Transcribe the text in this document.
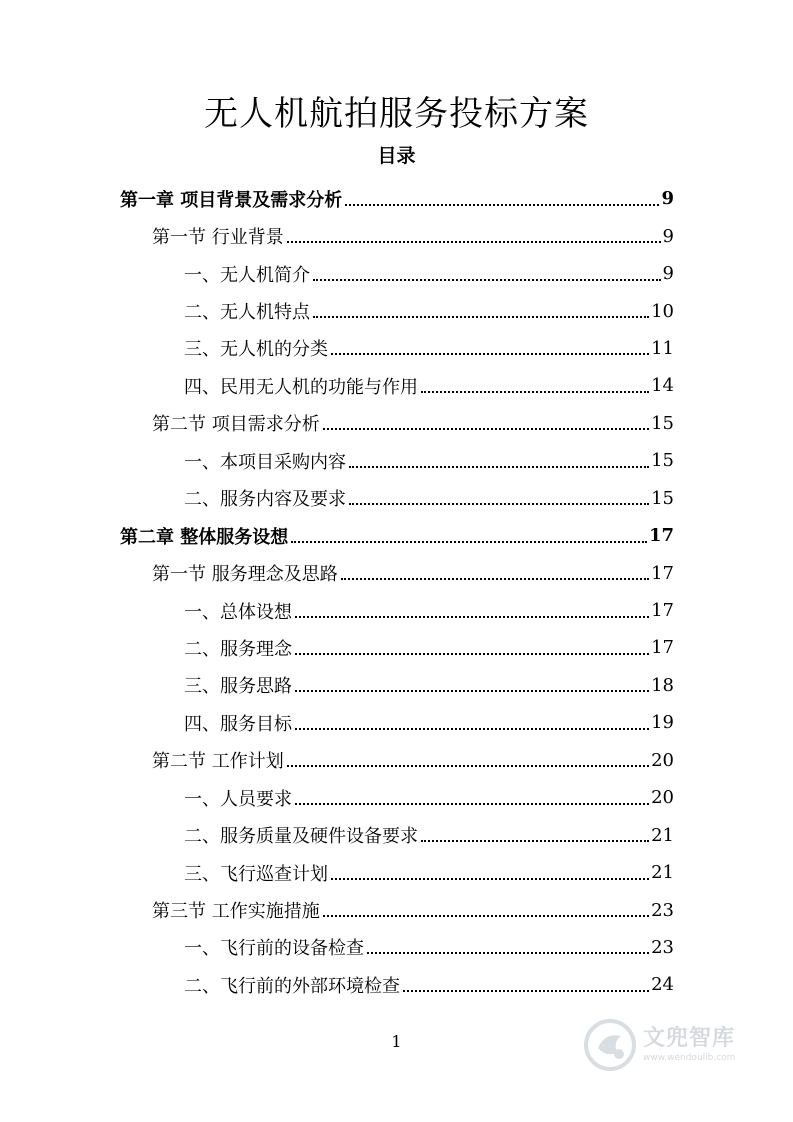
无人机航拍服务投标方案
目录
第一章 项目背景及需求分析	9
第一节 行业背景	9
一、无人机简介	9
二、无人机特点	10
三、无人机的分类	11
四、民用无人机的功能与作用	14
第二节 项目需求分析	15
一、本项目采购内容	15
二、服务内容及要求	15
第二章 整体服务设想	17
第一节 服务理念及思路	17
一、总体设想	17
二、服务理念	17
三、服务思路	18
四、服务目标	19
第二节 工作计划	20
一、人员要求	20
二、服务质量及硬件设备要求	21
三、飞行巡查计划	21
第三节 工作实施措施	23
一、飞行前的设备检查	23
二、飞行前的外部环境检查	24
1	文兜智库
www.wendoulib.com
